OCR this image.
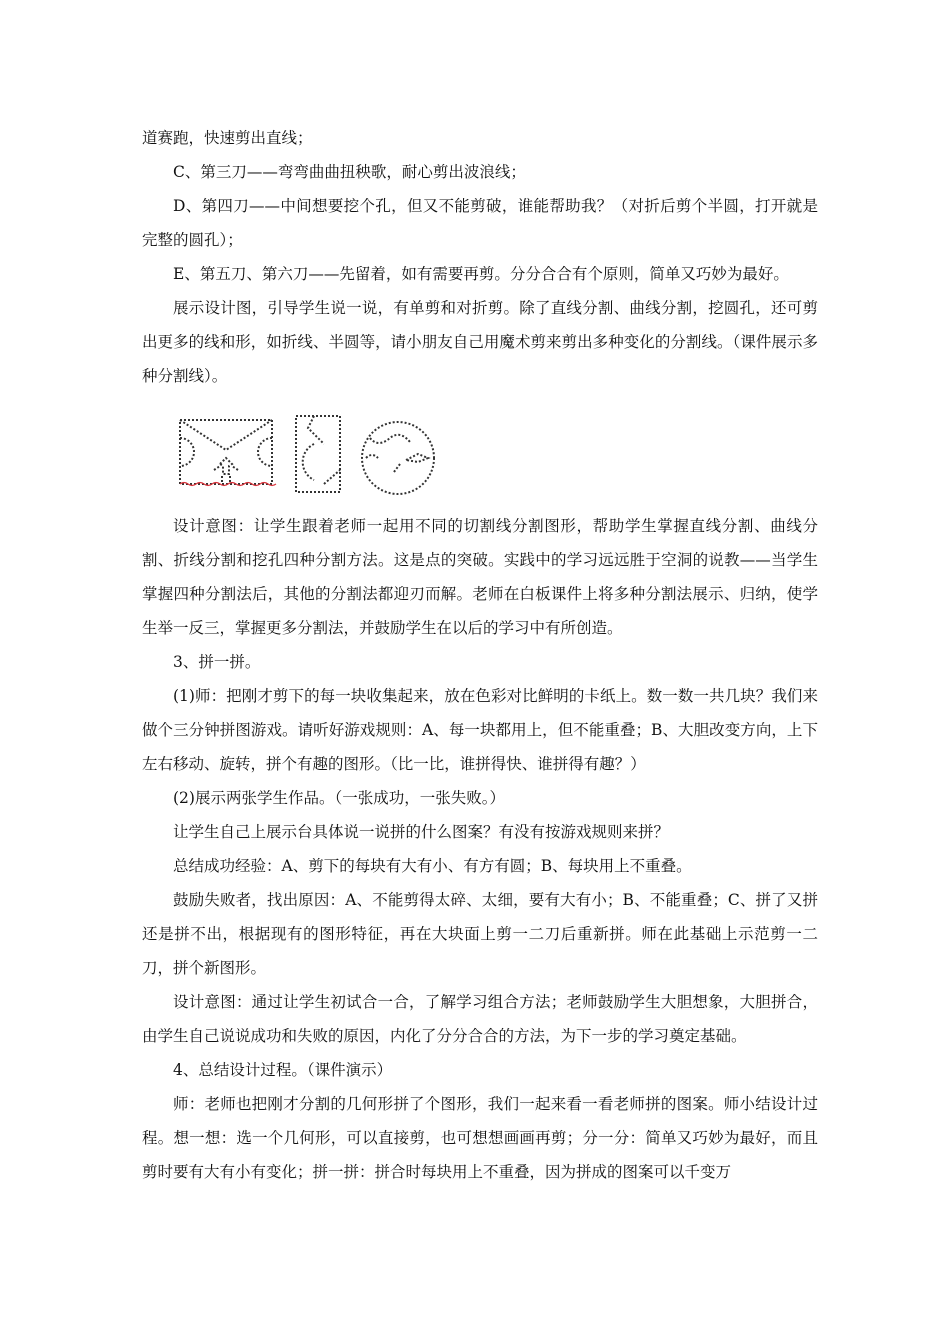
道赛跑，快速剪出直线；

C、第三刀——弯弯曲曲扭秧歌，耐心剪出波浪线；

D、第四刀——中间想要挖个孔，但又不能剪破，谁能帮助我？（对折后剪个半圆，打开就是完整的圆孔）；

E、第五刀、第六刀——先留着，如有需要再剪。分分合合有个原则，简单又巧妙为最好。

展示设计图，引导学生说一说，有单剪和对折剪。除了直线分割、曲线分割，挖圆孔，还可剪出更多的线和形，如折线、半圆等，请小朋友自己用魔术剪来剪出多种变化的分割线。（课件展示多种分割线）。

设计意图：让学生跟着老师一起用不同的切割线分割图形，帮助学生掌握直线分割、曲线分割、折线分割和挖孔四种分割方法。这是点的突破。实践中的学习远远胜于空洞的说教——当学生掌握四种分割法后，其他的分割法都迎刃而解。老师在白板课件上将多种分割法展示、归纳，使学生举一反三，掌握更多分割法，并鼓励学生在以后的学习中有所创造。

3、拼一拼。

(1)师：把刚才剪下的每一块收集起来，放在色彩对比鲜明的卡纸上。数一数一共几块？我们来做个三分钟拼图游戏。请听好游戏规则：A、每一块都用上，但不能重叠；B、大胆改变方向，上下左右移动、旋转，拼个有趣的图形。（比一比，谁拼得快、谁拼得有趣？）

(2)展示两张学生作品。（一张成功，一张失败。）

让学生自己上展示台具体说一说拼的什么图案？有没有按游戏规则来拼？

总结成功经验：A、剪下的每块有大有小、有方有圆；B、每块用上不重叠。

鼓励失败者，找出原因：A、不能剪得太碎、太细，要有大有小；B、不能重叠；C、拼了又拼还是拼不出，根据现有的图形特征，再在大块面上剪一二刀后重新拼。师在此基础上示范剪一二刀，拼个新图形。

设计意图：通过让学生初试合一合，了解学习组合方法；老师鼓励学生大胆想象，大胆拼合，由学生自己说说成功和失败的原因，内化了分分合合的方法，为下一步的学习奠定基础。

4、总结设计过程。（课件演示）

师：老师也把刚才分割的几何形拼了个图形，我们一起来看一看老师拼的图案。师小结设计过程。想一想：选一个几何形，可以直接剪，也可想想画画再剪；分一分：简单又巧妙为最好，而且剪时要有大有小有变化；拼一拼：拼合时每块用上不重叠，因为拼成的图案可以千变万
